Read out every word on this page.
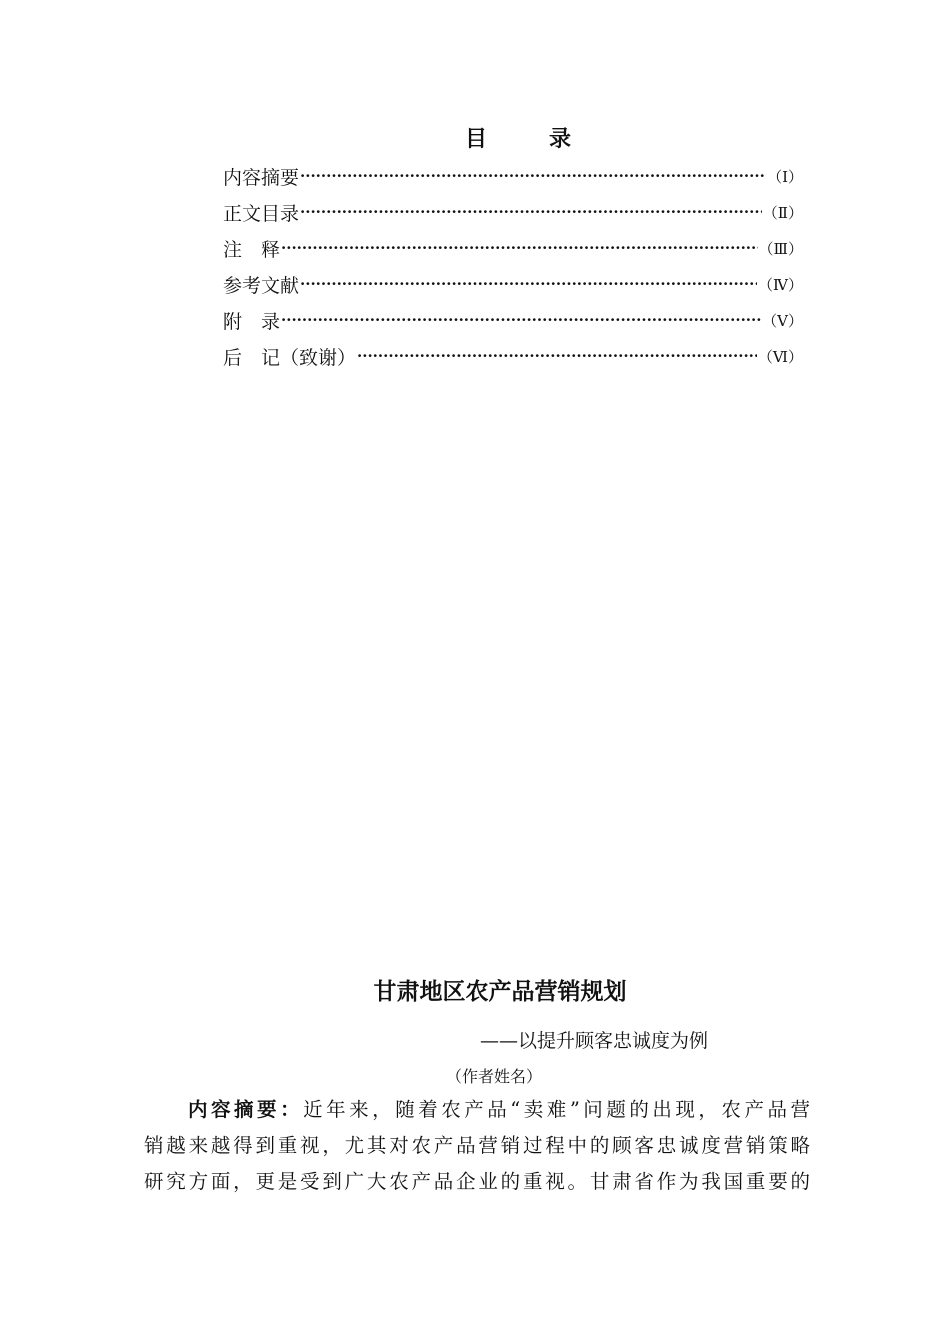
目	录
内容摘要 ·····	（Ⅰ）
正文目录 ·····	（Ⅱ）
注　释 ·····	（Ⅲ）
参考文献 ·····	（Ⅳ）
附　录 ·····	（Ⅴ）
后　记（致谢） ·····	（Ⅵ）
甘肃地区农产品营销规划
——以提升顾客忠诚度为例
（作者姓名）
内容摘要：近年来，随着农产品“卖难”问题的出现，农产品营
销越来越得到重视，尤其对农产品营销过程中的顾客忠诚度营销策略
研究方面，更是受到广大农产品企业的重视。甘肃省作为我国重要的
